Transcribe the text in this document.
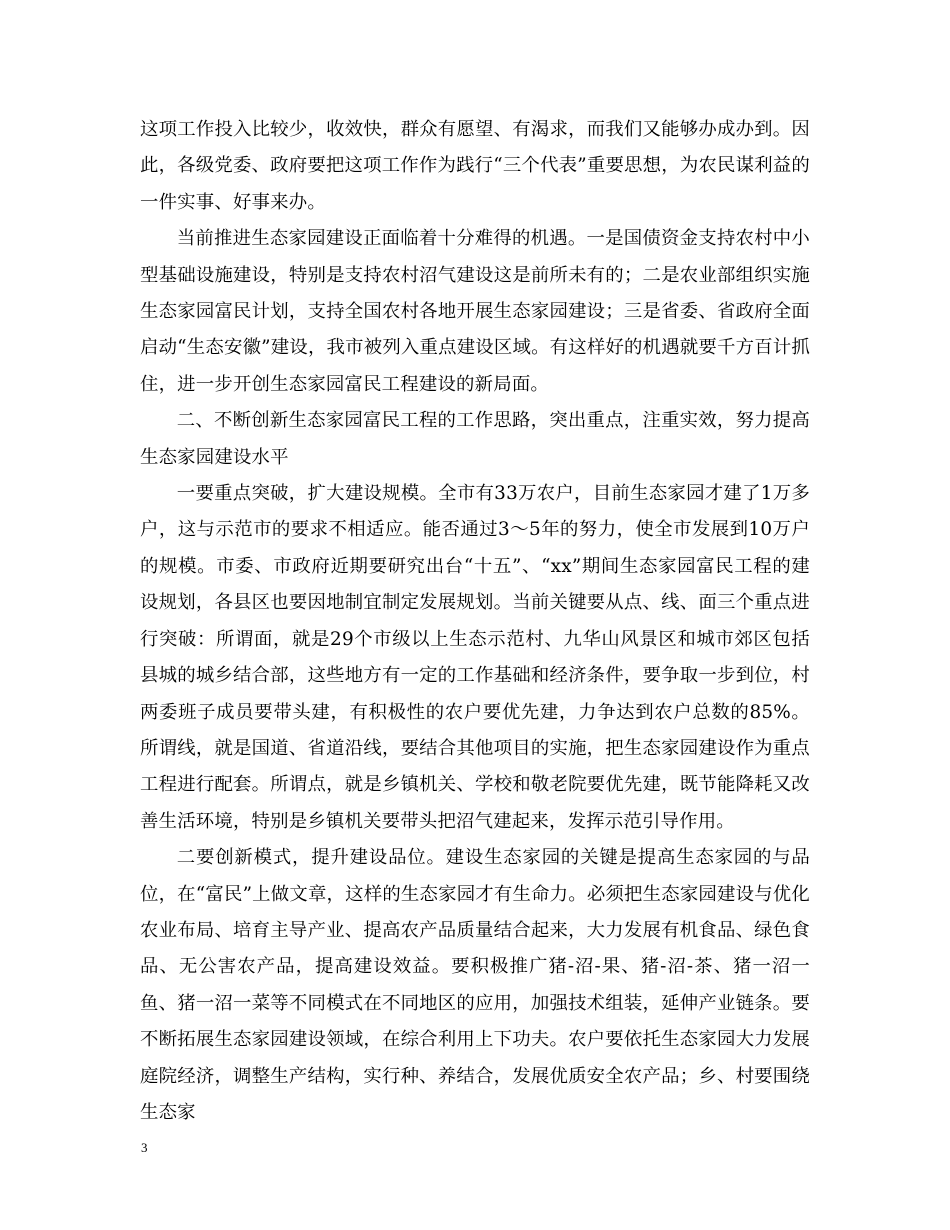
这项工作投入比较少，收效快，群众有愿望、有渴求，而我们又能够办成办到。因此，各级党委、政府要把这项工作作为践行“三个代表”重要思想，为农民谋利益的一件实事、好事来办。

当前推进生态家园建设正面临着十分难得的机遇。一是国债资金支持农村中小型基础设施建设，特别是支持农村沼气建设这是前所未有的；二是农业部组织实施生态家园富民计划，支持全国农村各地开展生态家园建设；三是省委、省政府全面启动“生态安徽”建设，我市被列入重点建设区域。有这样好的机遇就要千方百计抓住，进一步开创生态家园富民工程建设的新局面。

二、不断创新生态家园富民工程的工作思路，突出重点，注重实效，努力提高生态家园建设水平

一要重点突破，扩大建设规模。全市有33万农户，目前生态家园才建了1万多户，这与示范市的要求不相适应。能否通过3～5年的努力，使全市发展到10万户的规模。市委、市政府近期要研究出台“十五”、“xx”期间生态家园富民工程的建设规划，各县区也要因地制宜制定发展规划。当前关键要从点、线、面三个重点进行突破：所谓面，就是29个市级以上生态示范村、九华山风景区和城市郊区包括县城的城乡结合部，这些地方有一定的工作基础和经济条件，要争取一步到位，村两委班子成员要带头建，有积极性的农户要优先建，力争达到农户总数的85%。所谓线，就是国道、省道沿线，要结合其他项目的实施，把生态家园建设作为重点工程进行配套。所谓点，就是乡镇机关、学校和敬老院要优先建，既节能降耗又改善生活环境，特别是乡镇机关要带头把沼气建起来，发挥示范引导作用。

二要创新模式，提升建设品位。建设生态家园的关键是提高生态家园的与品位，在“富民”上做文章，这样的生态家园才有生命力。必须把生态家园建设与优化农业布局、培育主导产业、提高农产品质量结合起来，大力发展有机食品、绿色食品、无公害农产品，提高建设效益。要积极推广猪-沼-果、猪-沼-茶、猪一沼一鱼、猪一沼一菜等不同模式在不同地区的应用，加强技术组装，延伸产业链条。要不断拓展生态家园建设领域，在综合利用上下功夫。农户要依托生态家园大力发展庭院经济，调整生产结构，实行种、养结合，发展优质安全农产品；乡、村要围绕生态家

3
